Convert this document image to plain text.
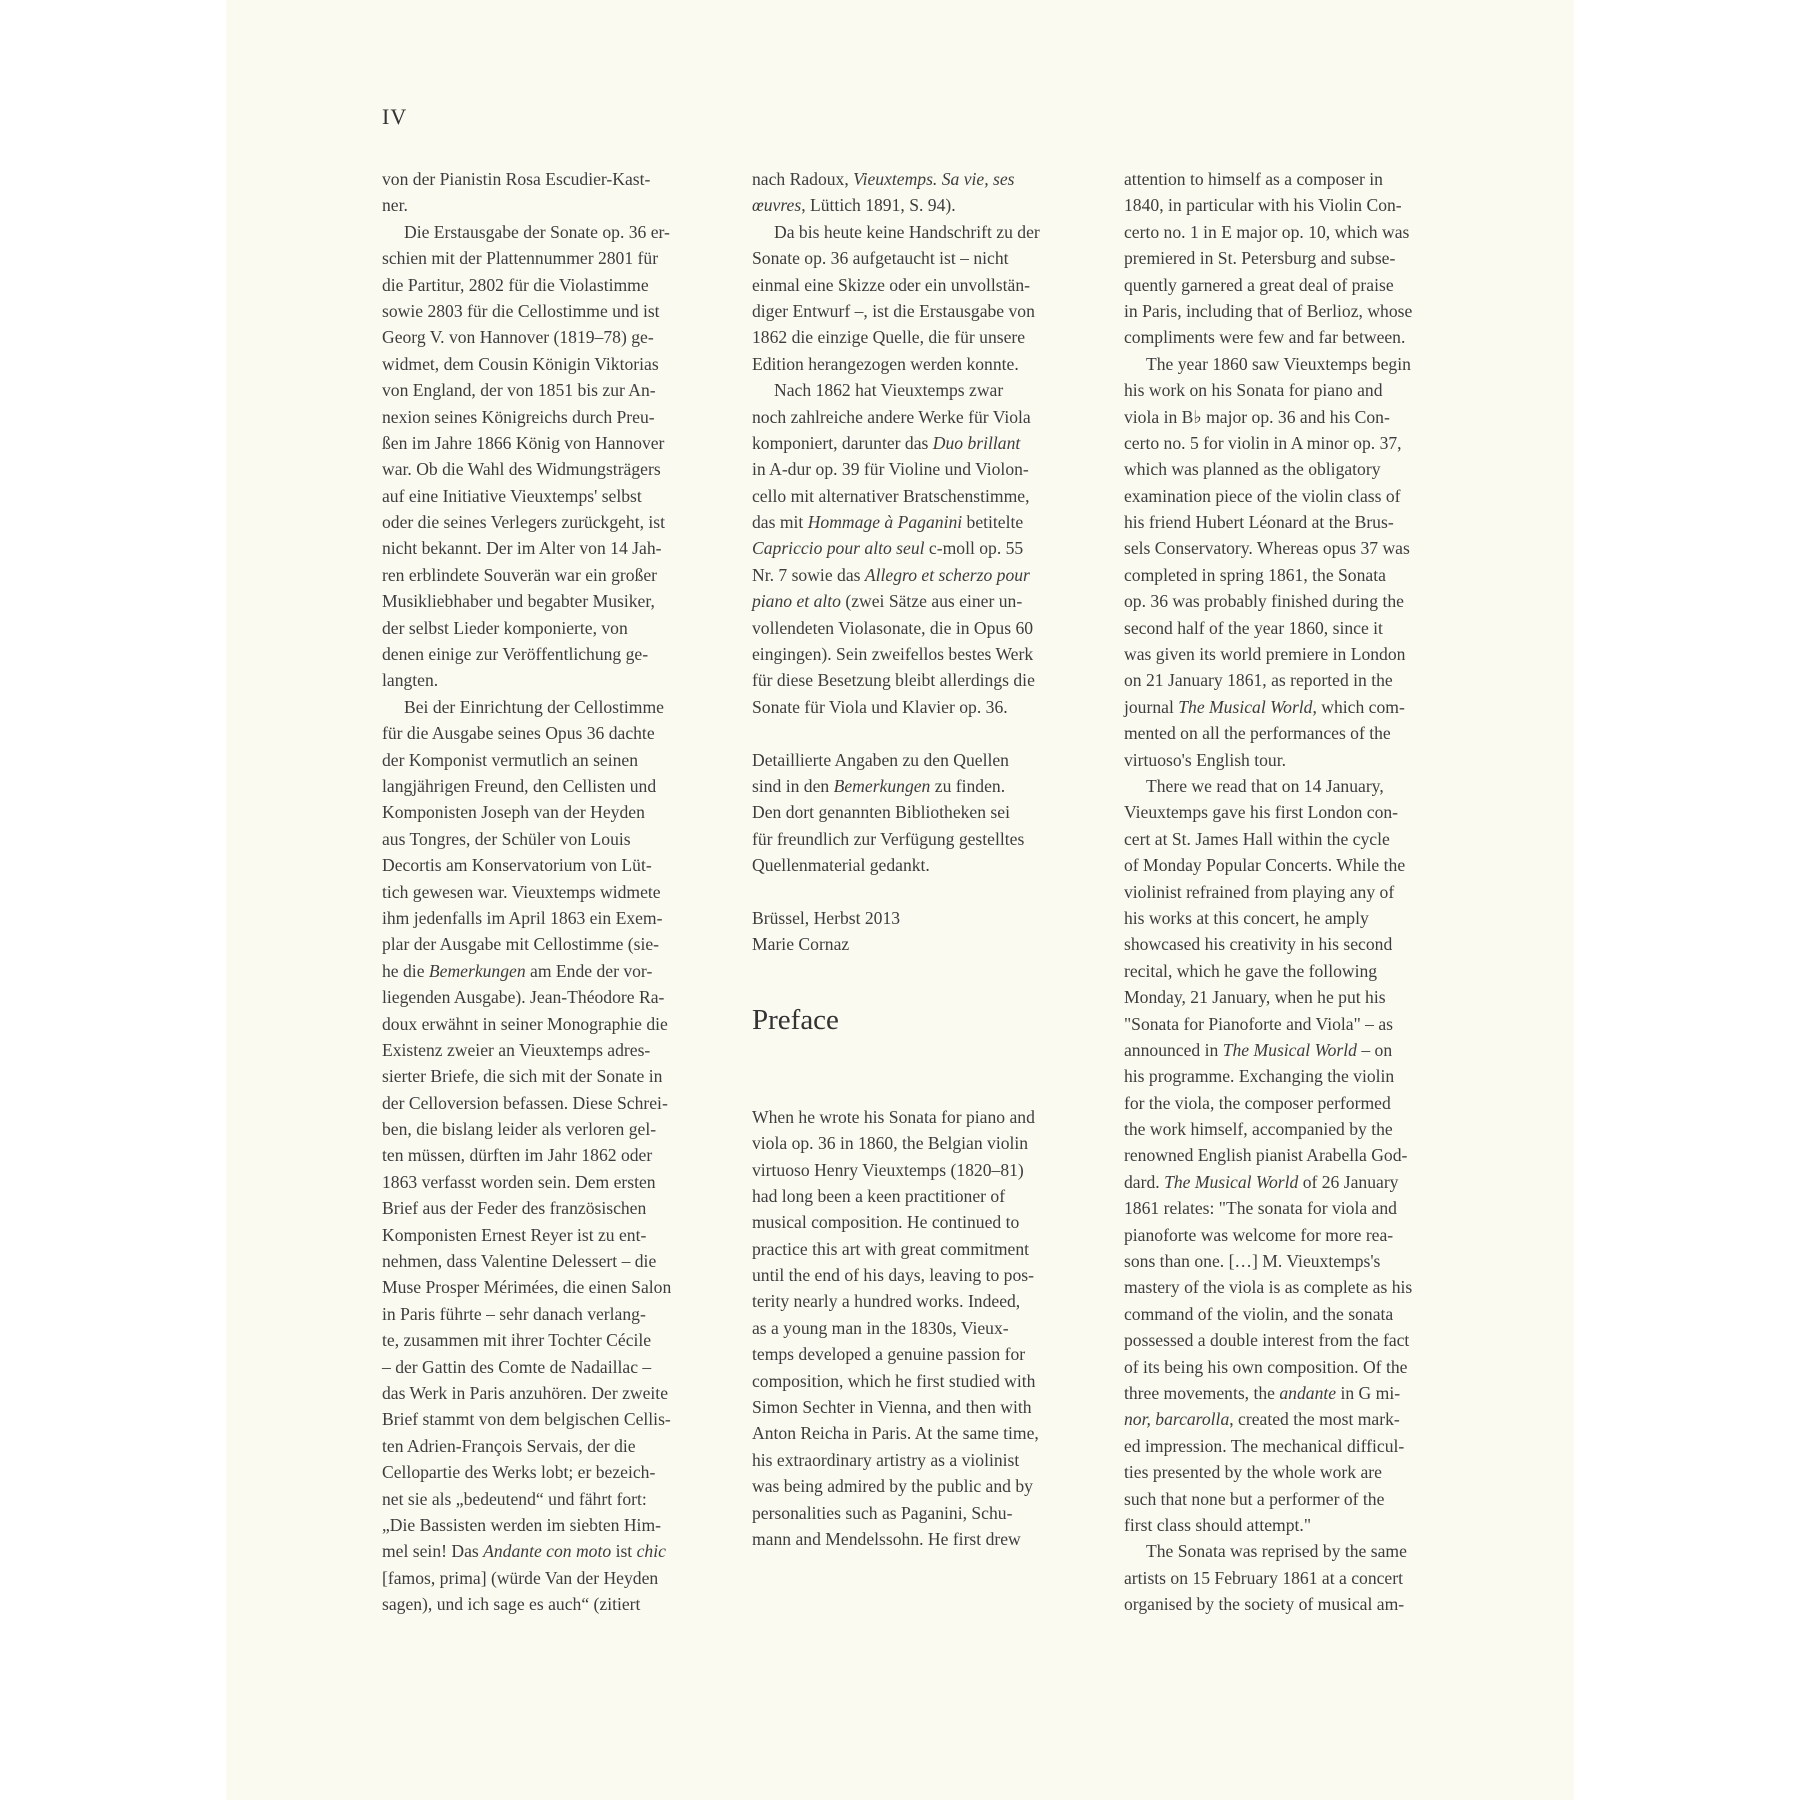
IV
von der Pianistin Rosa Escudier-Kast-
ner.
Die Erstausgabe der Sonate op. 36 er-
schien mit der Plattennummer 2801 für
die Partitur, 2802 für die Violastimme
sowie 2803 für die Cellostimme und ist
Georg V. von Hannover (1819–78) ge-
widmet, dem Cousin Königin Viktorias
von England, der von 1851 bis zur An-
nexion seines Königreichs durch Preu-
ßen im Jahre 1866 König von Hannover
war. Ob die Wahl des Widmungsträgers
auf eine Initiative Vieuxtemps' selbst
oder die seines Verlegers zurückgeht, ist
nicht bekannt. Der im Alter von 14 Jah-
ren erblindete Souverän war ein großer
Musikliebhaber und begabter Musiker,
der selbst Lieder komponierte, von
denen einige zur Veröffentlichung ge-
langten.
Bei der Einrichtung der Cellostimme
für die Ausgabe seines Opus 36 dachte
der Komponist vermutlich an seinen
langjährigen Freund, den Cellisten und
Komponisten Joseph van der Heyden
aus Tongres, der Schüler von Louis
Decortis am Konservatorium von Lüt-
tich gewesen war. Vieuxtemps widmete
ihm jedenfalls im April 1863 ein Exem-
plar der Ausgabe mit Cellostimme (sie-
he die Bemerkungen am Ende der vor-
liegenden Ausgabe). Jean-Théodore Ra-
doux erwähnt in seiner Monographie die
Existenz zweier an Vieuxtemps adres-
sierter Briefe, die sich mit der Sonate in
der Celloversion befassen. Diese Schrei-
ben, die bislang leider als verloren gel-
ten müssen, dürften im Jahr 1862 oder
1863 verfasst worden sein. Dem ersten
Brief aus der Feder des französischen
Komponisten Ernest Reyer ist zu ent-
nehmen, dass Valentine Delessert – die
Muse Prosper Mérimées, die einen Salon
in Paris führte – sehr danach verlang-
te, zusammen mit ihrer Tochter Cécile
– der Gattin des Comte de Nadaillac –
das Werk in Paris anzuhören. Der zweite
Brief stammt von dem belgischen Cellis-
ten Adrien-François Servais, der die
Cellopartie des Werks lobt; er bezeich-
net sie als „bedeutend“ und fährt fort:
„Die Bassisten werden im siebten Him-
mel sein! Das Andante con moto ist chic
[famos, prima] (würde Van der Heyden
sagen), und ich sage es auch“ (zitiert
nach Radoux, Vieuxtemps. Sa vie, ses
œuvres, Lüttich 1891, S. 94).
Da bis heute keine Handschrift zu der
Sonate op. 36 aufgetaucht ist – nicht
einmal eine Skizze oder ein unvollstän-
diger Entwurf –, ist die Erstausgabe von
1862 die einzige Quelle, die für unsere
Edition herangezogen werden konnte.
Nach 1862 hat Vieuxtemps zwar
noch zahlreiche andere Werke für Viola
komponiert, darunter das Duo brillant
in A-dur op. 39 für Violine und Violon-
cello mit alternativer Bratschenstimme,
das mit Hommage à Paganini betitelte
Capriccio pour alto seul c-moll op. 55
Nr. 7 sowie das Allegro et scherzo pour
piano et alto (zwei Sätze aus einer un-
vollendeten Violasonate, die in Opus 60
eingingen). Sein zweifellos bestes Werk
für diese Besetzung bleibt allerdings die
Sonate für Viola und Klavier op. 36.
Detaillierte Angaben zu den Quellen
sind in den Bemerkungen zu finden.
Den dort genannten Bibliotheken sei
für freundlich zur Verfügung gestelltes
Quellenmaterial gedankt.
Brüssel, Herbst 2013
Marie Cornaz
Preface
When he wrote his Sonata for piano and
viola op. 36 in 1860, the Belgian violin
virtuoso Henry Vieuxtemps (1820–81)
had long been a keen practitioner of
musical composition. He continued to
practice this art with great commitment
until the end of his days, leaving to pos-
terity nearly a hundred works. Indeed,
as a young man in the 1830s, Vieux-
temps developed a genuine passion for
composition, which he first studied with
Simon Sechter in Vienna, and then with
Anton Reicha in Paris. At the same time,
his extraordinary artistry as a violinist
was being admired by the public and by
personalities such as Paganini, Schu-
mann and Mendelssohn. He first drew
attention to himself as a composer in
1840, in particular with his Violin Con-
certo no. 1 in E major op. 10, which was
premiered in St. Petersburg and subse-
quently garnered a great deal of praise
in Paris, including that of Berlioz, whose
compliments were few and far between.
The year 1860 saw Vieuxtemps begin
his work on his Sonata for piano and
viola in B♭ major op. 36 and his Con-
certo no. 5 for violin in A minor op. 37,
which was planned as the obligatory
examination piece of the violin class of
his friend Hubert Léonard at the Brus-
sels Conservatory. Whereas opus 37 was
completed in spring 1861, the Sonata
op. 36 was probably finished during the
second half of the year 1860, since it
was given its world premiere in London
on 21 January 1861, as reported in the
journal The Musical World, which com-
mented on all the performances of the
virtuoso's English tour.
There we read that on 14 January,
Vieuxtemps gave his first London con-
cert at St. James Hall within the cycle
of Monday Popular Concerts. While the
violinist refrained from playing any of
his works at this concert, he amply
showcased his creativity in his second
recital, which he gave the following
Monday, 21 January, when he put his
"Sonata for Pianoforte and Viola" – as
announced in The Musical World – on
his programme. Exchanging the violin
for the viola, the composer performed
the work himself, accompanied by the
renowned English pianist Arabella God-
dard. The Musical World of 26 January
1861 relates: "The sonata for viola and
pianoforte was welcome for more rea-
sons than one. […] M. Vieuxtemps's
mastery of the viola is as complete as his
command of the violin, and the sonata
possessed a double interest from the fact
of its being his own composition. Of the
three movements, the andante in G mi-
nor, barcarolla, created the most mark-
ed impression. The mechanical difficul-
ties presented by the whole work are
such that none but a performer of the
first class should attempt."
The Sonata was reprised by the same
artists on 15 February 1861 at a concert
organised by the society of musical am-
